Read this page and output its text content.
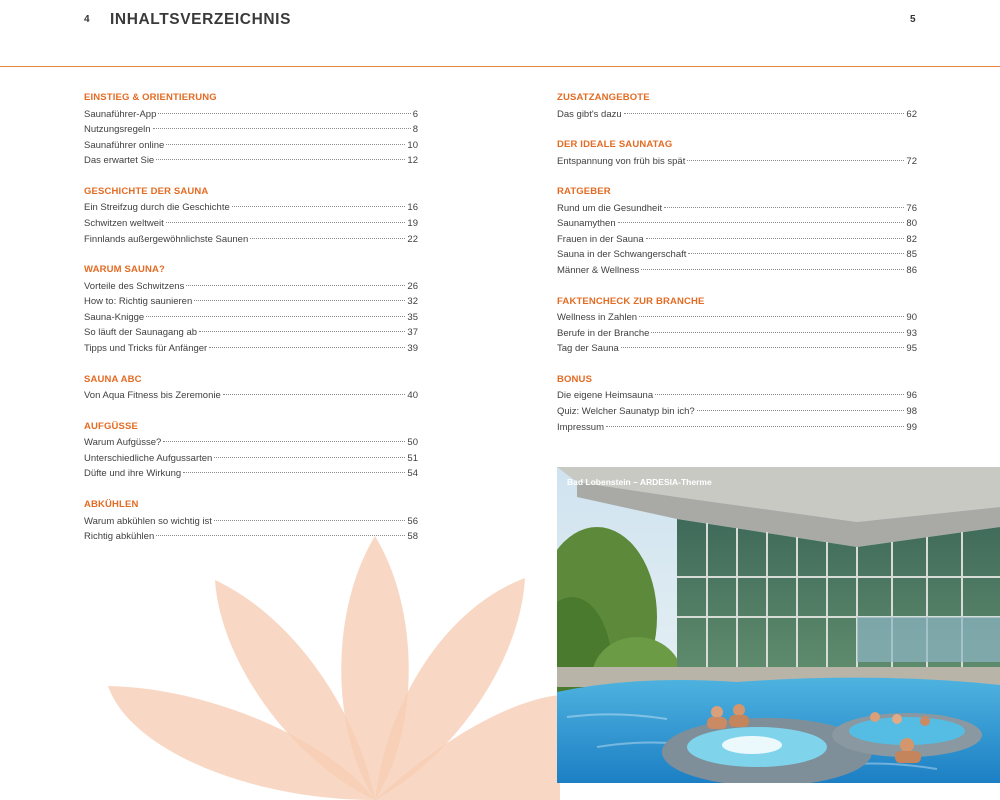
4 INHALTSVERZEICHNIS	5
EINSTIEG & ORIENTIERUNG
Saunaführer-App	6
Nutzungsregeln	8
Saunaführer online	10
Das erwartet Sie	12
GESCHICHTE DER SAUNA
Ein Streifzug durch die Geschichte	16
Schwitzen weltweit	19
Finnlands außergewöhnlichste Saunen	22
WARUM SAUNA?
Vorteile des Schwitzens	26
How to: Richtig saunieren	32
Sauna-Knigge	35
So läuft der Saunagang ab	37
Tipps und Tricks für Anfänger	39
SAUNA ABC
Von Aqua Fitness bis Zeremonie	40
AUFGÜSSE
Warum Aufgüsse?	50
Unterschiedliche Aufgussarten	51
Düfte und ihre Wirkung	54
ABKÜHLEN
Warum abkühlen so wichtig ist	56
Richtig abkühlen	58
ZUSATZANGEBOTE
Das gibt's dazu	62
DER IDEALE SAUNATAG
Entspannung von früh bis spät	72
RATGEBER
Rund um die Gesundheit	76
Saunamythen	80
Frauen in der Sauna	82
Sauna in der Schwangerschaft	85
Männer & Wellness	86
FAKTENCHECK ZUR BRANCHE
Wellness in Zahlen	90
Berufe in der Branche	93
Tag der Sauna	95
BONUS
Die eigene Heimsauna	96
Quiz: Welcher Saunatyp bin ich?	98
Impressum	99
Bad Lobenstein – ARDESIA-Therme
